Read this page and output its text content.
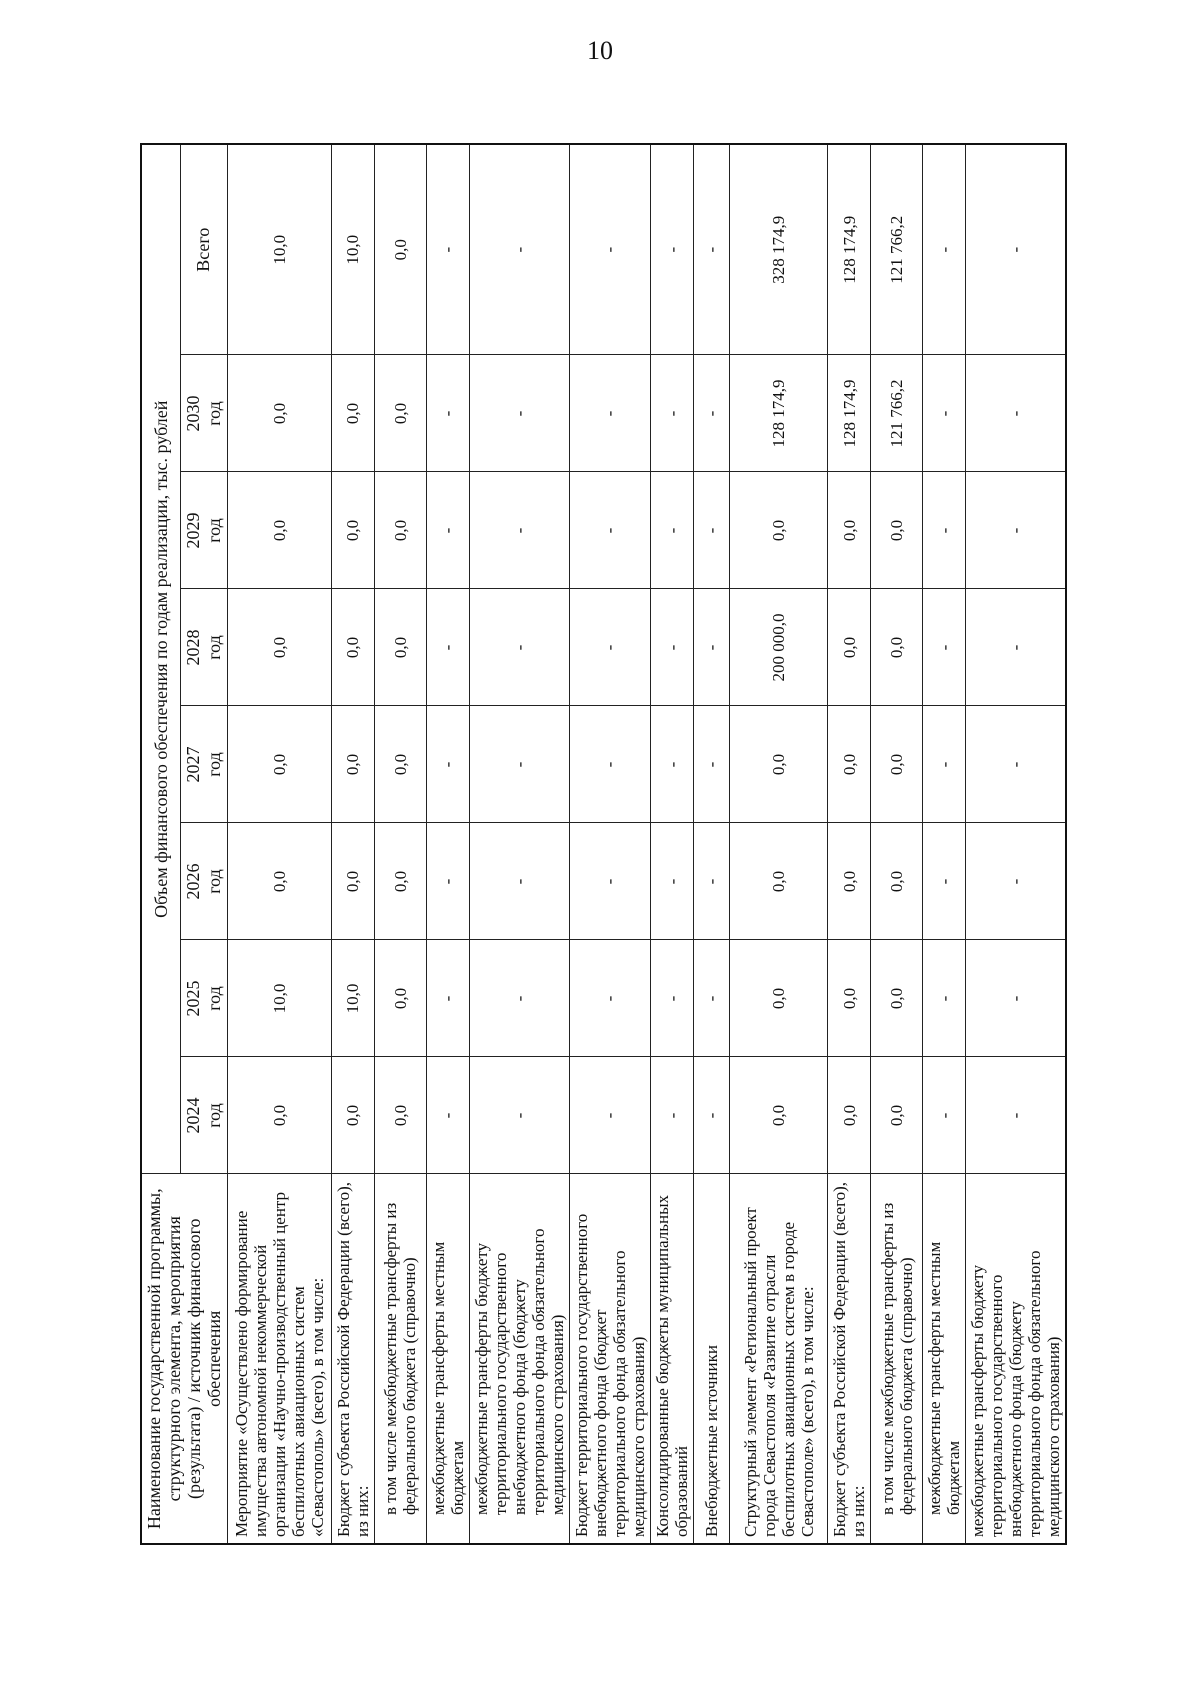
10
Наименование государственной программы, структурного элемента, мероприятия (результата) / источник финансового обеспечения	Объем финансового обеспечения по годам реализации, тыс. рублей							

	2024 год	2025 год	2026 год	2027 год	2028 год	2029 год	2030 год	Всего
Мероприятие «Осуществлено формирование имущества автономной некоммерческой организации «Научно-производственный центр беспилотных авиационных систем «Севастополь» (всего), в том числе:	0,0	10,0	0,0	0,0	0,0	0,0	0,0	10,0
Бюджет субъекта Российской Федерации (всего), из них:	0,0	10,0	0,0	0,0	0,0	0,0	0,0	10,0
в том числе межбюджетные трансферты из федерального бюджета (справочно)	0,0	0,0	0,0	0,0	0,0	0,0	0,0	0,0
межбюджетные трансферты местным бюджетам	-	-	-	-	-	-	-	-
межбюджетные трансферты бюджету территориального государственного внебюджетного фонда (бюджету территориального фонда обязательного медицинского страхования)	-	-	-	-	-	-	-	-
Бюджет территориального государственного внебюджетного фонда (бюджет территориального фонда обязательного медицинского страхования)	-	-	-	-	-	-	-	-
Консолидированные бюджеты муниципальных образований	-	-	-	-	-	-	-	-
Внебюджетные источники	-	-	-	-	-	-	-	-
Структурный элемент «Региональный проект города Севастополя «Развитие отрасли беспилотных авиационных систем в городе Севастополе» (всего), в том числе:	0,0	0,0	0,0	0,0	200 000,0	0,0	128 174,9	328 174,9
Бюджет субъекта Российской Федерации (всего), из них:	0,0	0,0	0,0	0,0	0,0	0,0	128 174,9	128 174,9
в том числе межбюджетные трансферты из федерального бюджета (справочно)	0,0	0,0	0,0	0,0	0,0	0,0	121 766,2	121 766,2
межбюджетные трансферты местным бюджетам	-	-	-	-	-	-	-	-
межбюджетные трансферты бюджету территориального государственного внебюджетного фонда (бюджету территориального фонда обязательного медицинского страхования)	-	-	-	-	-	-	-	-
